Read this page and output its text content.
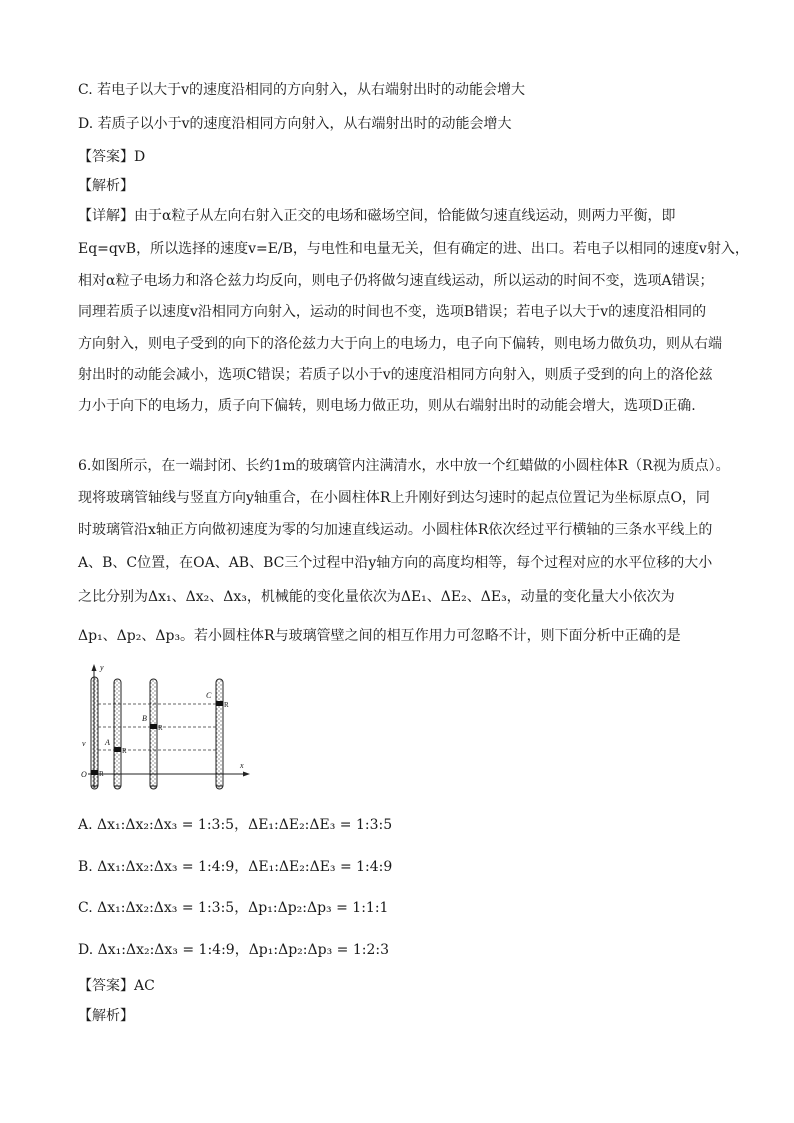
C. 若电子以大于v的速度沿相同的方向射入，从右端射出时的动能会增大
D. 若质子以小于v的速度沿相同方向射入，从右端射出时的动能会增大
【答案】D
【解析】
【详解】由于α粒子从左向右射入正交的电场和磁场空间，恰能做匀速直线运动，则两力平衡，即
Eq=qvB，所以选择的速度v=E/B，与电性和电量无关，但有确定的进、出口。若电子以相同的速度v射入，
相对α粒子电场力和洛仑兹力均反向，则电子仍将做匀速直线运动，所以运动的时间不变，选项A错误；
同理若质子以速度v沿相同方向射入，运动的时间也不变，选项B错误；若电子以大于v的速度沿相同的
方向射入，则电子受到的向下的洛伦兹力大于向上的电场力，电子向下偏转，则电场力做负功，则从右端
射出时的动能会减小，选项C错误；若质子以小于v的速度沿相同方向射入，则质子受到的向上的洛伦兹
力小于向下的电场力，质子向下偏转，则电场力做正功，则从右端射出时的动能会增大，选项D正确.
6.如图所示，在一端封闭、长约1m的玻璃管内注满清水，水中放一个红蜡做的小圆柱体R（R视为质点）。
现将玻璃管轴线与竖直方向y轴重合，在小圆柱体R上升刚好到达匀速时的起点位置记为坐标原点O，同
时玻璃管沿x轴正方向做初速度为零的匀加速直线运动。小圆柱体R依次经过平行横轴的三条水平线上的
A、B、C位置，在OA、AB、BC三个过程中沿y轴方向的高度均相等，每个过程对应的水平位移的大小
之比分别为Δx₁、Δx₂、Δx₃，机械能的变化量依次为ΔE₁、ΔE₂、ΔE₃，动量的变化量大小依次为
Δp₁、Δp₂、Δp₃。若小圆柱体R与玻璃管壁之间的相互作用力可忽略不计，则下面分析中正确的是
y
x
v
O
A
B
C
R
R
R
R
A. Δx₁:Δx₂:Δx₃ = 1:3:5，ΔE₁:ΔE₂:ΔE₃ = 1:3:5
B. Δx₁:Δx₂:Δx₃ = 1:4:9，ΔE₁:ΔE₂:ΔE₃ = 1:4:9
C. Δx₁:Δx₂:Δx₃ = 1:3:5，Δp₁:Δp₂:Δp₃ = 1:1:1
D. Δx₁:Δx₂:Δx₃ = 1:4:9，Δp₁:Δp₂:Δp₃ = 1:2:3
【答案】AC
【解析】
